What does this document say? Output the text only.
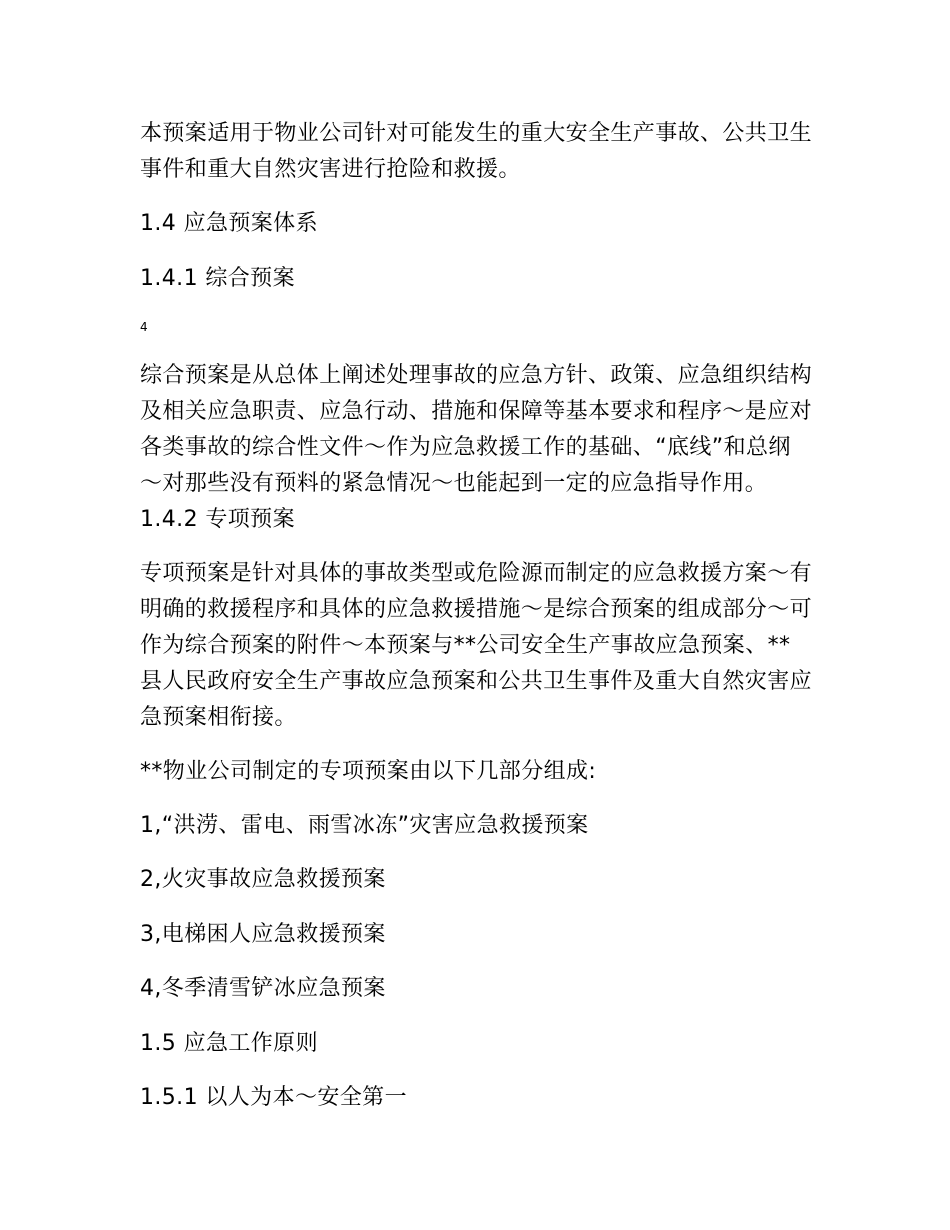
本预案适用于物业公司针对可能发生的重大安全生产事故、公共卫生事件和重大自然灾害进行抢险和救援。

1.4 应急预案体系

1.4.1 综合预案

4

综合预案是从总体上阐述处理事故的应急方针、政策、应急组织结构及相关应急职责、应急行动、措施和保障等基本要求和程序～是应对各类事故的综合性文件～作为应急救援工作的基础、“底线”和总纲～对那些没有预料的紧急情况～也能起到一定的应急指导作用。 1.4.2 专项预案

专项预案是针对具体的事故类型或危险源而制定的应急救援方案～有明确的救援程序和具体的应急救援措施～是综合预案的组成部分～可作为综合预案的附件～本预案与**公司安全生产事故应急预案、**县人民政府安全生产事故应急预案和公共卫生事件及重大自然灾害应急预案相衔接。

**物业公司制定的专项预案由以下几部分组成:

1,“洪涝、雷电、雨雪冰冻”灾害应急救援预案

2,火灾事故应急救援预案

3,电梯困人应急救援预案

4,冬季清雪铲冰应急预案

1.5 应急工作原则

1.5.1 以人为本～安全第一
